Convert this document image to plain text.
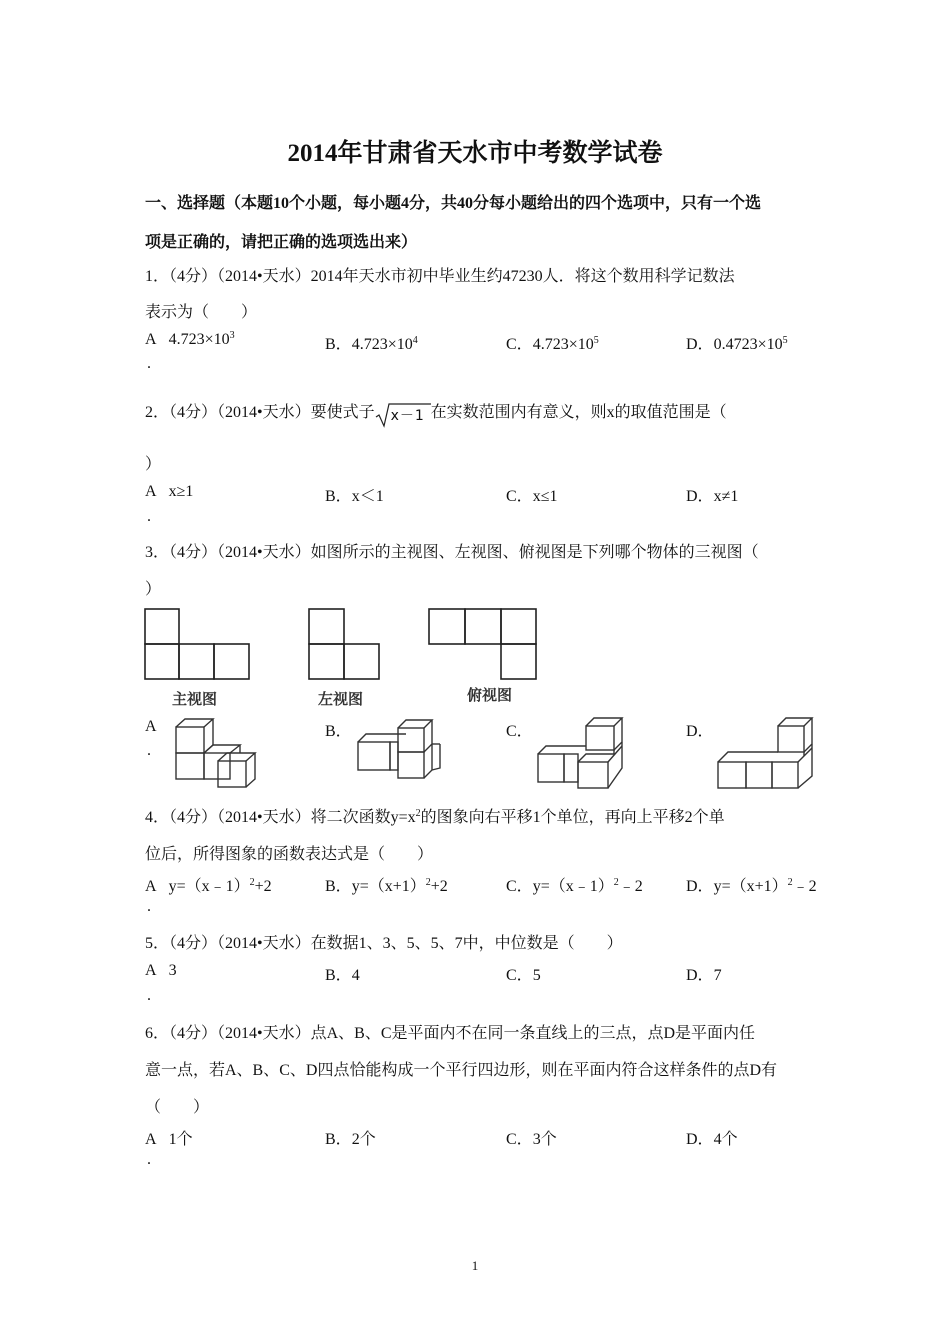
2014年甘肃省天水市中考数学试卷
一、选择题（本题10个小题，每小题4分，共40分每小题给出的四个选项中，只有一个选
项是正确的，请把正确的选项选出来）
1．（4分）（2014•天水）2014年天水市初中毕业生约47230人．将这个数用科学记数法
表示为（　　）
A $4.723\times 10^3$
.
B．$4.723\times 10^4$	C．$4.723\times 10^5$	D．$0.4723\times 10^5$
2．（4分）（2014•天水）要使式子 x－1 在实数范围内有意义，则x的取值范围是（
）
A x≥1
.
B．x＜1	C．x≤1	D．x≠1
3．（4分）（2014•天水）如图所示的主视图、左视图、俯视图是下列哪个物体的三视图（
）
主视图	左视图	俯视图
A
.
B．	C．	D．
4．（4分）（2014•天水）将二次函数$y=x^2$的图象向右平移1个单位，再向上平移2个单
位后，所得图象的函数表达式是（　　）
A y=（x﹣1）$^2$+2
.
B．$y=(x+1)^2+2$	C．y=（x﹣1）$^2$﹣2	D．$y=(x+1)^2﹣2$
5．（4分）（2014•天水）在数据1、3、5、5、7中，中位数是（　　）
A 3
.
B．4	C．5	D．7
6．（4分）（2014•天水）点A、B、C是平面内不在同一条直线上的三点，点D是平面内任
意一点，若A、B、C、D四点恰能构成一个平行四边形，则在平面内符合这样条件的点D有
（　　）
A 1个
.
B．2个	C．3个	D．4个
1
